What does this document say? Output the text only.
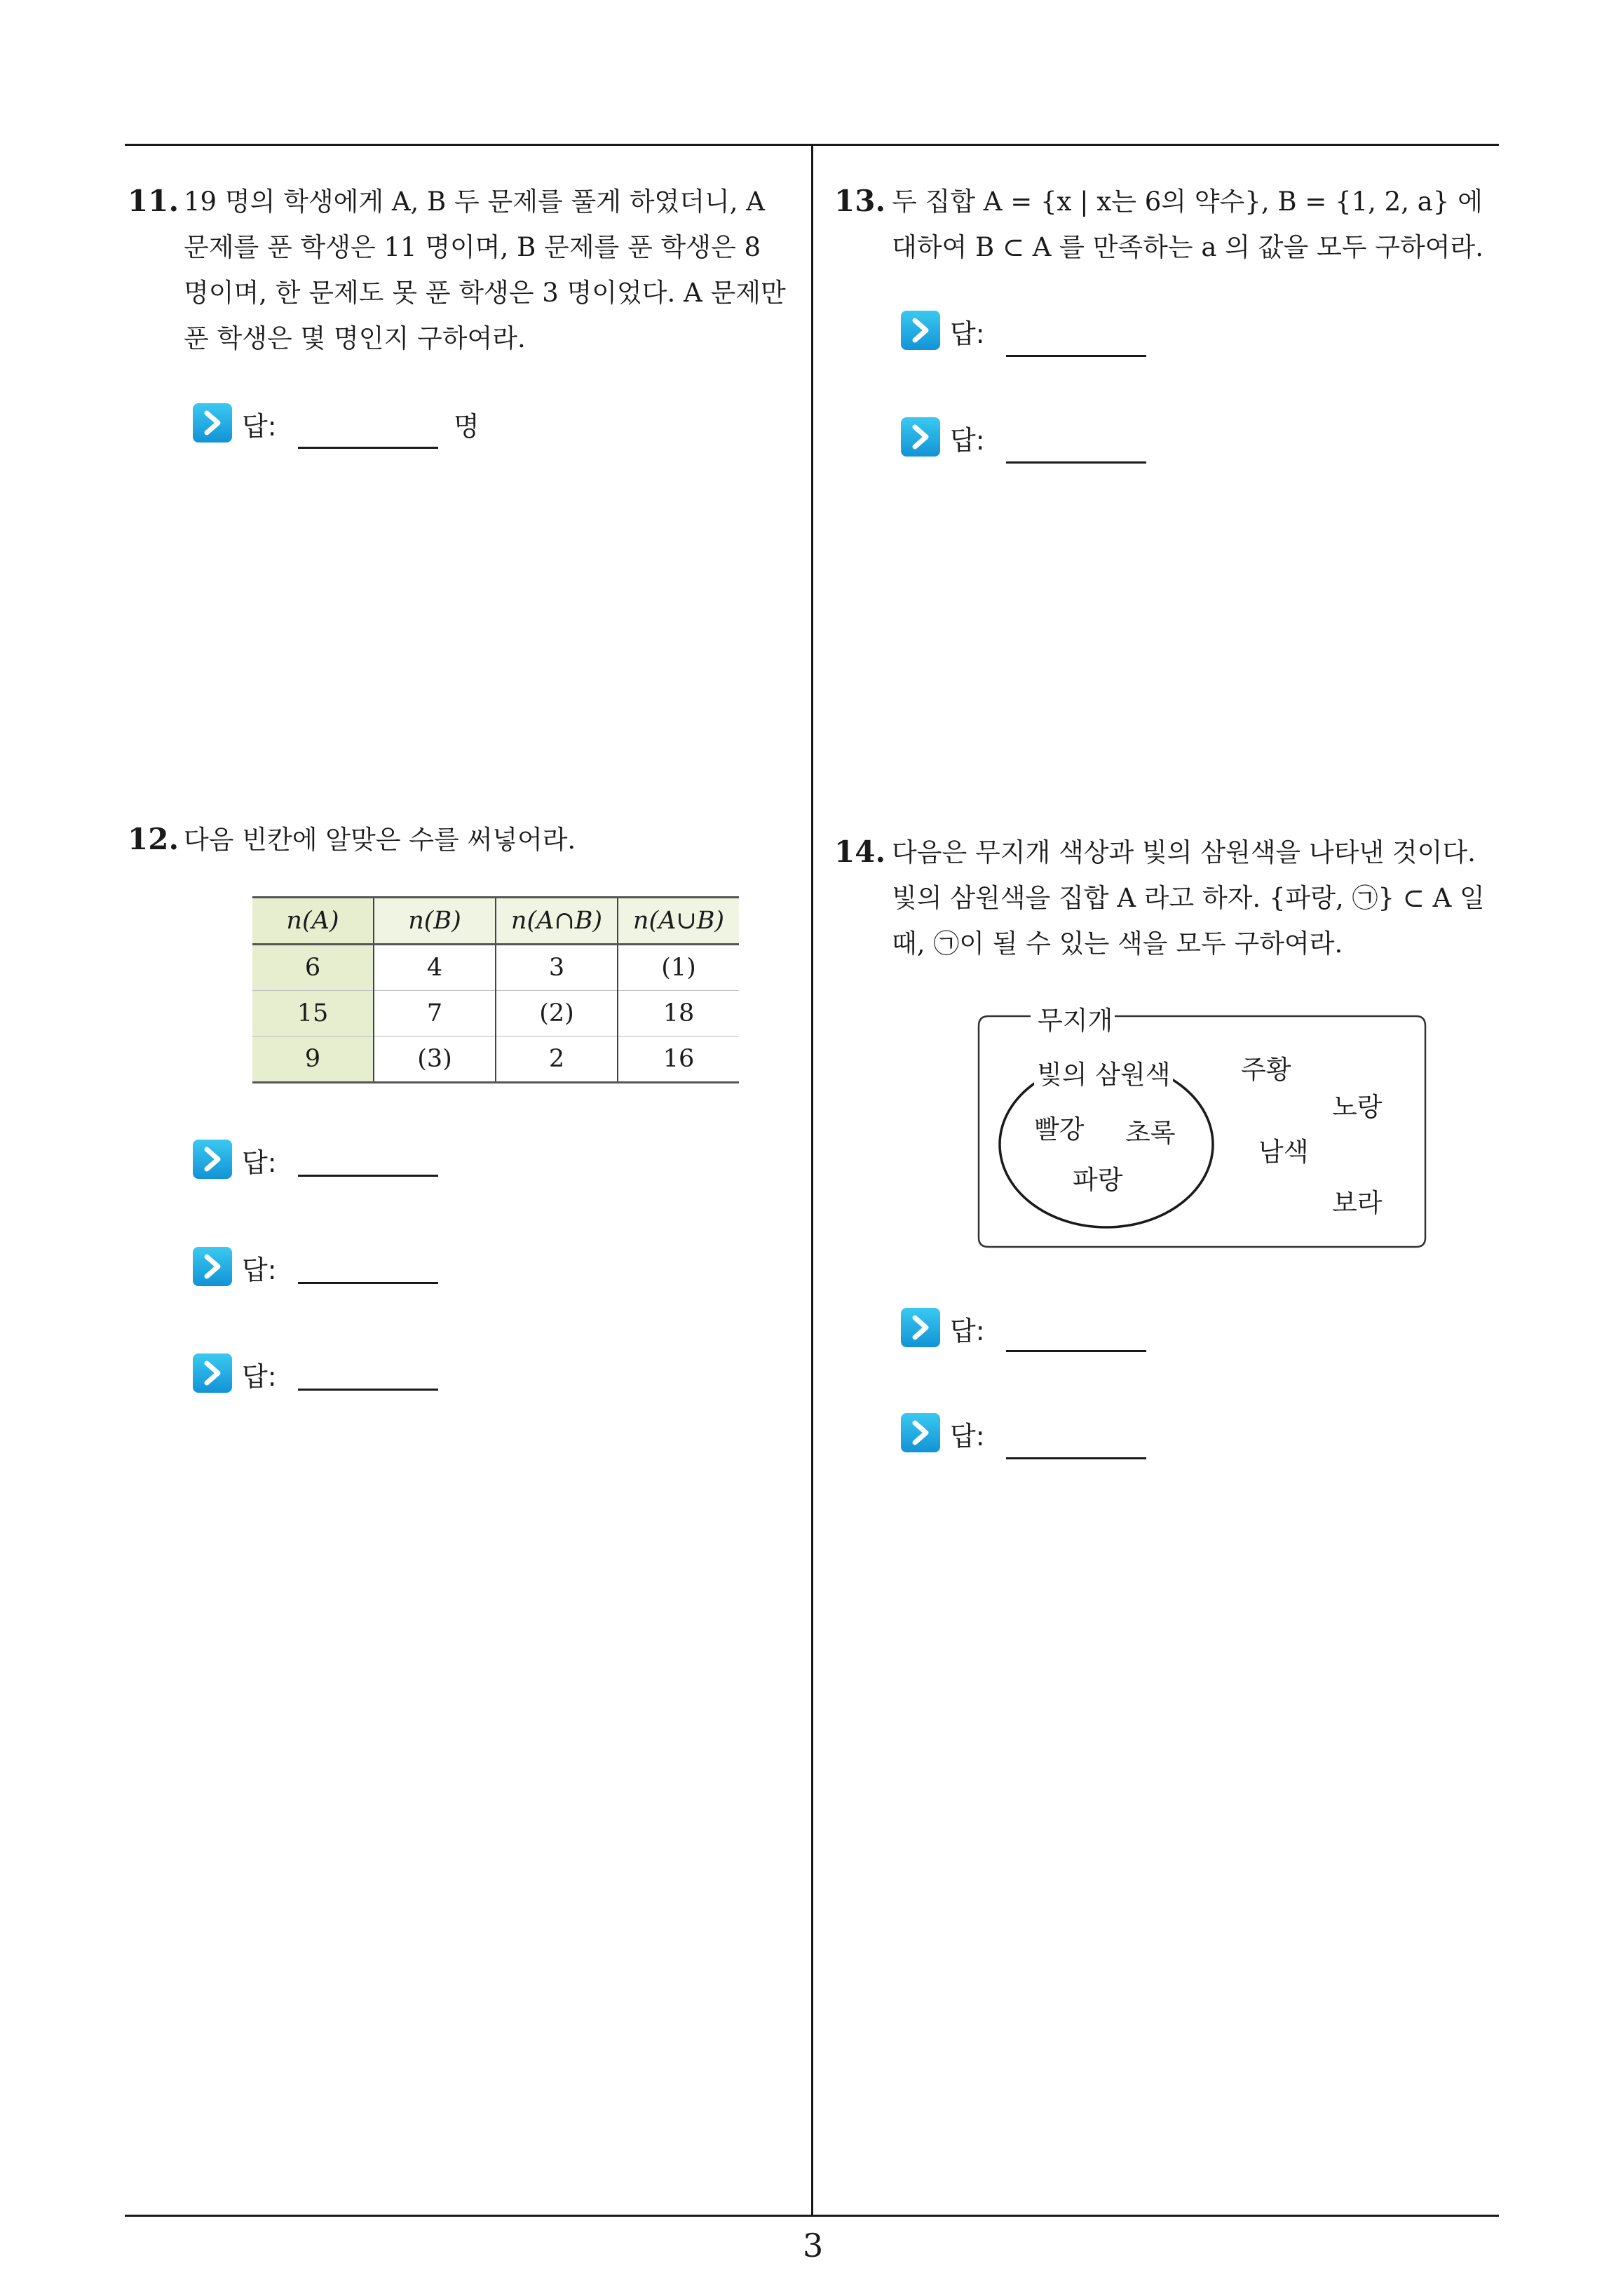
11. 19 명의 학생에게 A, B 두 문제를 풀게 하였더니, A
문제를 푼 학생은 11 명이며, B 문제를 푼 학생은 8
명이며, 한 문제도 못 푼 학생은 3 명이었다. A 문제만
푼 학생은 몇 명인지 구하여라.
답:	명
12. 다음 빈칸에 알맞은 수를 써넣어라.
n(A)	n(B)	n(A∩B)	n(A∪B)
6	4	3	(1)
15	7	(2)	18
9	(3)	2	16
답:
답:
답:
13. 두 집합 A = {x | x는 6의 약수}, B = {1, 2, a} 에
대하여 B ⊂ A 를 만족하는 a 의 값을 모두 구하여라.
답:
답:
14. 다음은 무지개 색상과 빛의 삼원색을 나타낸 것이다.
빛의 삼원색을 집합 A 라고 하자. {파랑, ㉠} ⊂ A 일
때, ㉠이 될 수 있는 색을 모두 구하여라.
무지개
빛의 삼원색
빨강 초록
파랑
주황
노랑
남색
보라
답:
답:
3
